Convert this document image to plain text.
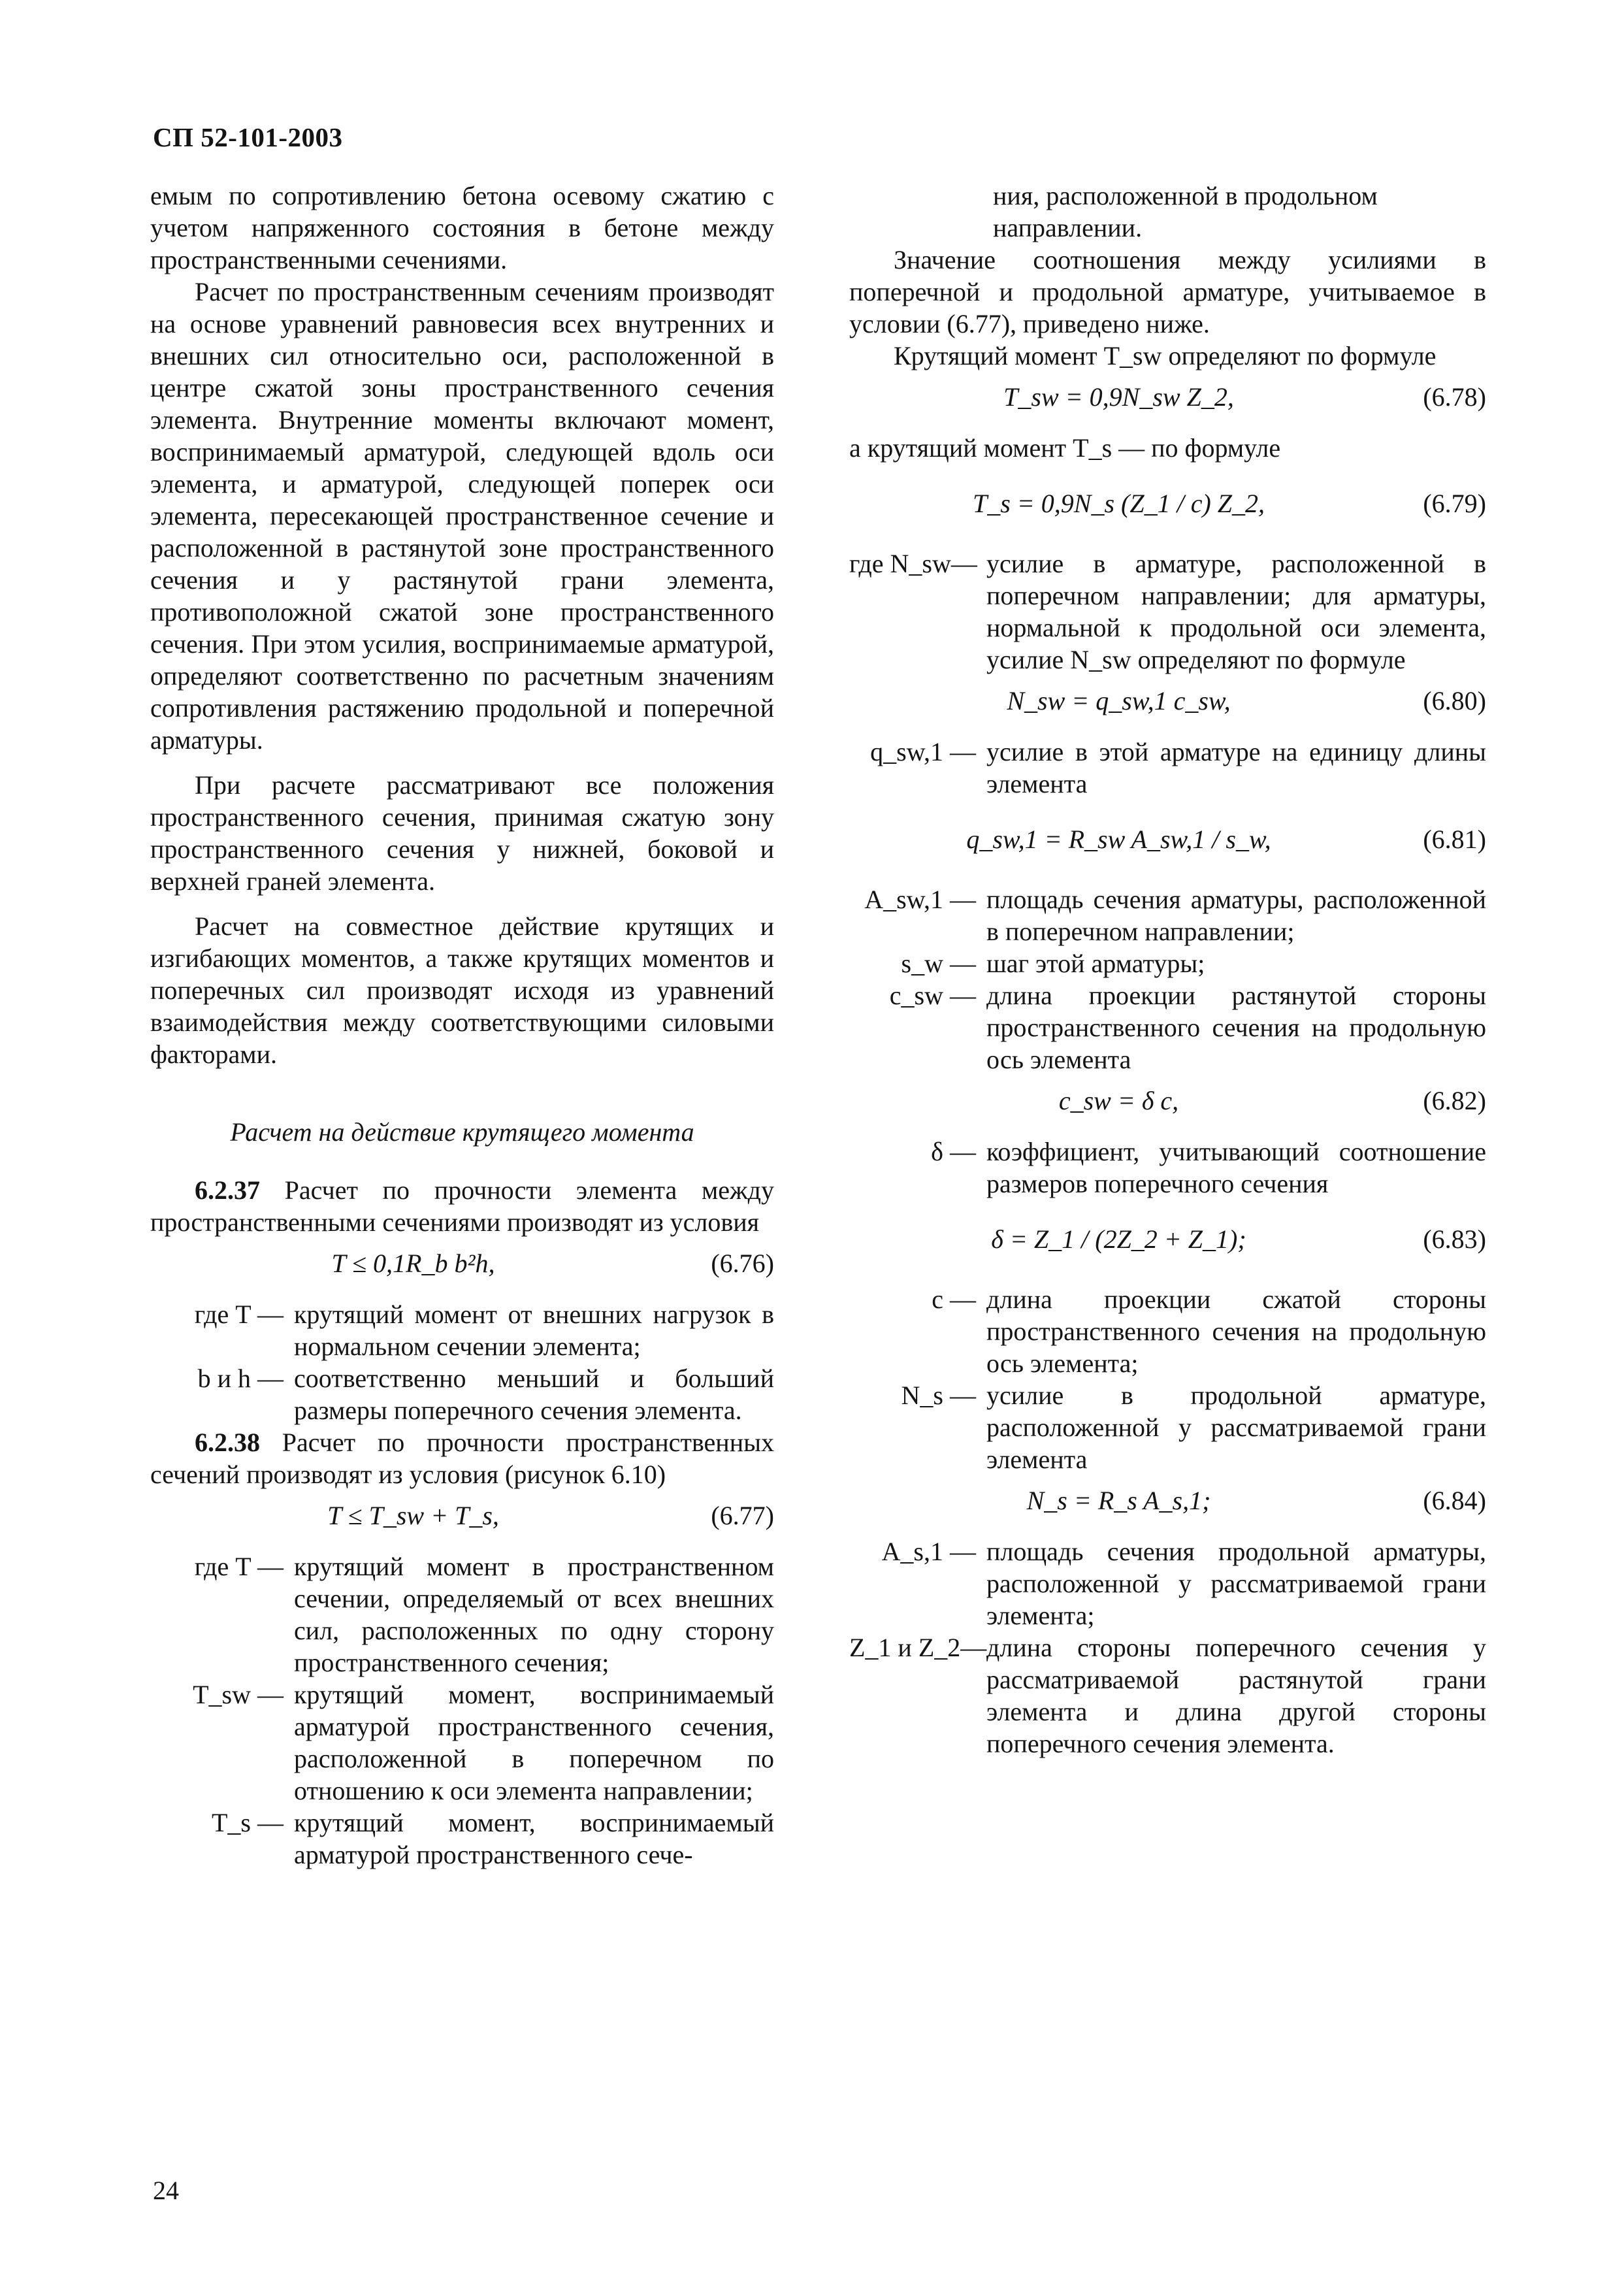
СП 52-101-2003

емым по сопротивлению бетона осевому сжатию с учетом напряженного состояния в бетоне между пространственными сечениями.

Расчет по пространственным сечениям производят на основе уравнений равновесия всех внутренних и внешних сил относительно оси, расположенной в центре сжатой зоны пространственного сечения элемента. Внутренние моменты включают момент, воспринимаемый арматурой, следующей вдоль оси элемента, и арматурой, следующей поперек оси элемента, пересекающей пространственное сечение и расположенной в растянутой зоне пространственного сечения и у растянутой грани элемента, противоположной сжатой зоне пространственного сечения. При этом усилия, воспринимаемые арматурой, определяют соответственно по расчетным значениям сопротивления растяжению продольной и поперечной арматуры.

При расчете рассматривают все положения пространственного сечения, принимая сжатую зону пространственного сечения у нижней, боковой и верхней граней элемента.

Расчет на совместное действие крутящих и изгибающих моментов, а также крутящих моментов и поперечных сил производят исходя из уравнений взаимодействия между соответствующими силовыми факторами.

Расчет на действие крутящего момента

6.2.37 Расчет по прочности элемента между пространственными сечениями производят из условия

T ≤ 0,1R_b b²h,	(6.76)
где T — крутящий момент от внешних нагрузок в нормальном сечении элемента;
b и h — соответственно меньший и больший размеры поперечного сечения элемента.

6.2.38 Расчет по прочности пространственных сечений производят из условия (рисунок 6.10)

T ≤ T_sw + T_s,	(6.77)
где T — крутящий момент в пространственном сечении, определяемый от всех внешних сил, расположенных по одну сторону пространственного сечения;
T_sw — крутящий момент, воспринимаемый арматурой пространственного сечения, расположенной в поперечном по отношению к оси элемента направлении;
T_s — крутящий момент, воспринимаемый арматурой пространственного сече-

ния, расположенной в продольном направлении.

Значение соотношения между усилиями в поперечной и продольной арматуре, учитываемое в условии (6.77), приведено ниже.

Крутящий момент T_sw определяют по формуле

T_sw = 0,9N_sw Z_2,	(6.78)

а крутящий момент T_s — по формуле

T_s = 0,9N_s (Z_1 / c) Z_2,	(6.79)
где N_sw— усилие в арматуре, расположенной в поперечном направлении; для арматуры, нормальной к продольной оси элемента, усилие N_sw определяют по формуле
N_sw = q_sw,1 c_sw,	(6.80)
q_sw,1 — усилие в этой арматуре на единицу длины элемента
q_sw,1 = R_sw A_sw,1 / s_w,	(6.81)
A_sw,1 — площадь сечения арматуры, расположенной в поперечном направлении;
s_w — шаг этой арматуры;
c_sw — длина проекции растянутой стороны пространственного сечения на продольную ось элемента
c_sw = δ c,	(6.82)
δ — коэффициент, учитывающий соотношение размеров поперечного сечения
δ = Z_1 / (2Z_2 + Z_1);	(6.83)
c — длина проекции сжатой стороны пространственного сечения на продольную ось элемента;
N_s — усилие в продольной арматуре, расположенной у рассматриваемой грани элемента
N_s = R_s A_s,1;	(6.84)
A_s,1 — площадь сечения продольной арматуры, расположенной у рассматриваемой грани элемента;
Z_1 и Z_2— длина стороны поперечного сечения у рассматриваемой растянутой грани элемента и длина другой стороны поперечного сечения элемента.
24
